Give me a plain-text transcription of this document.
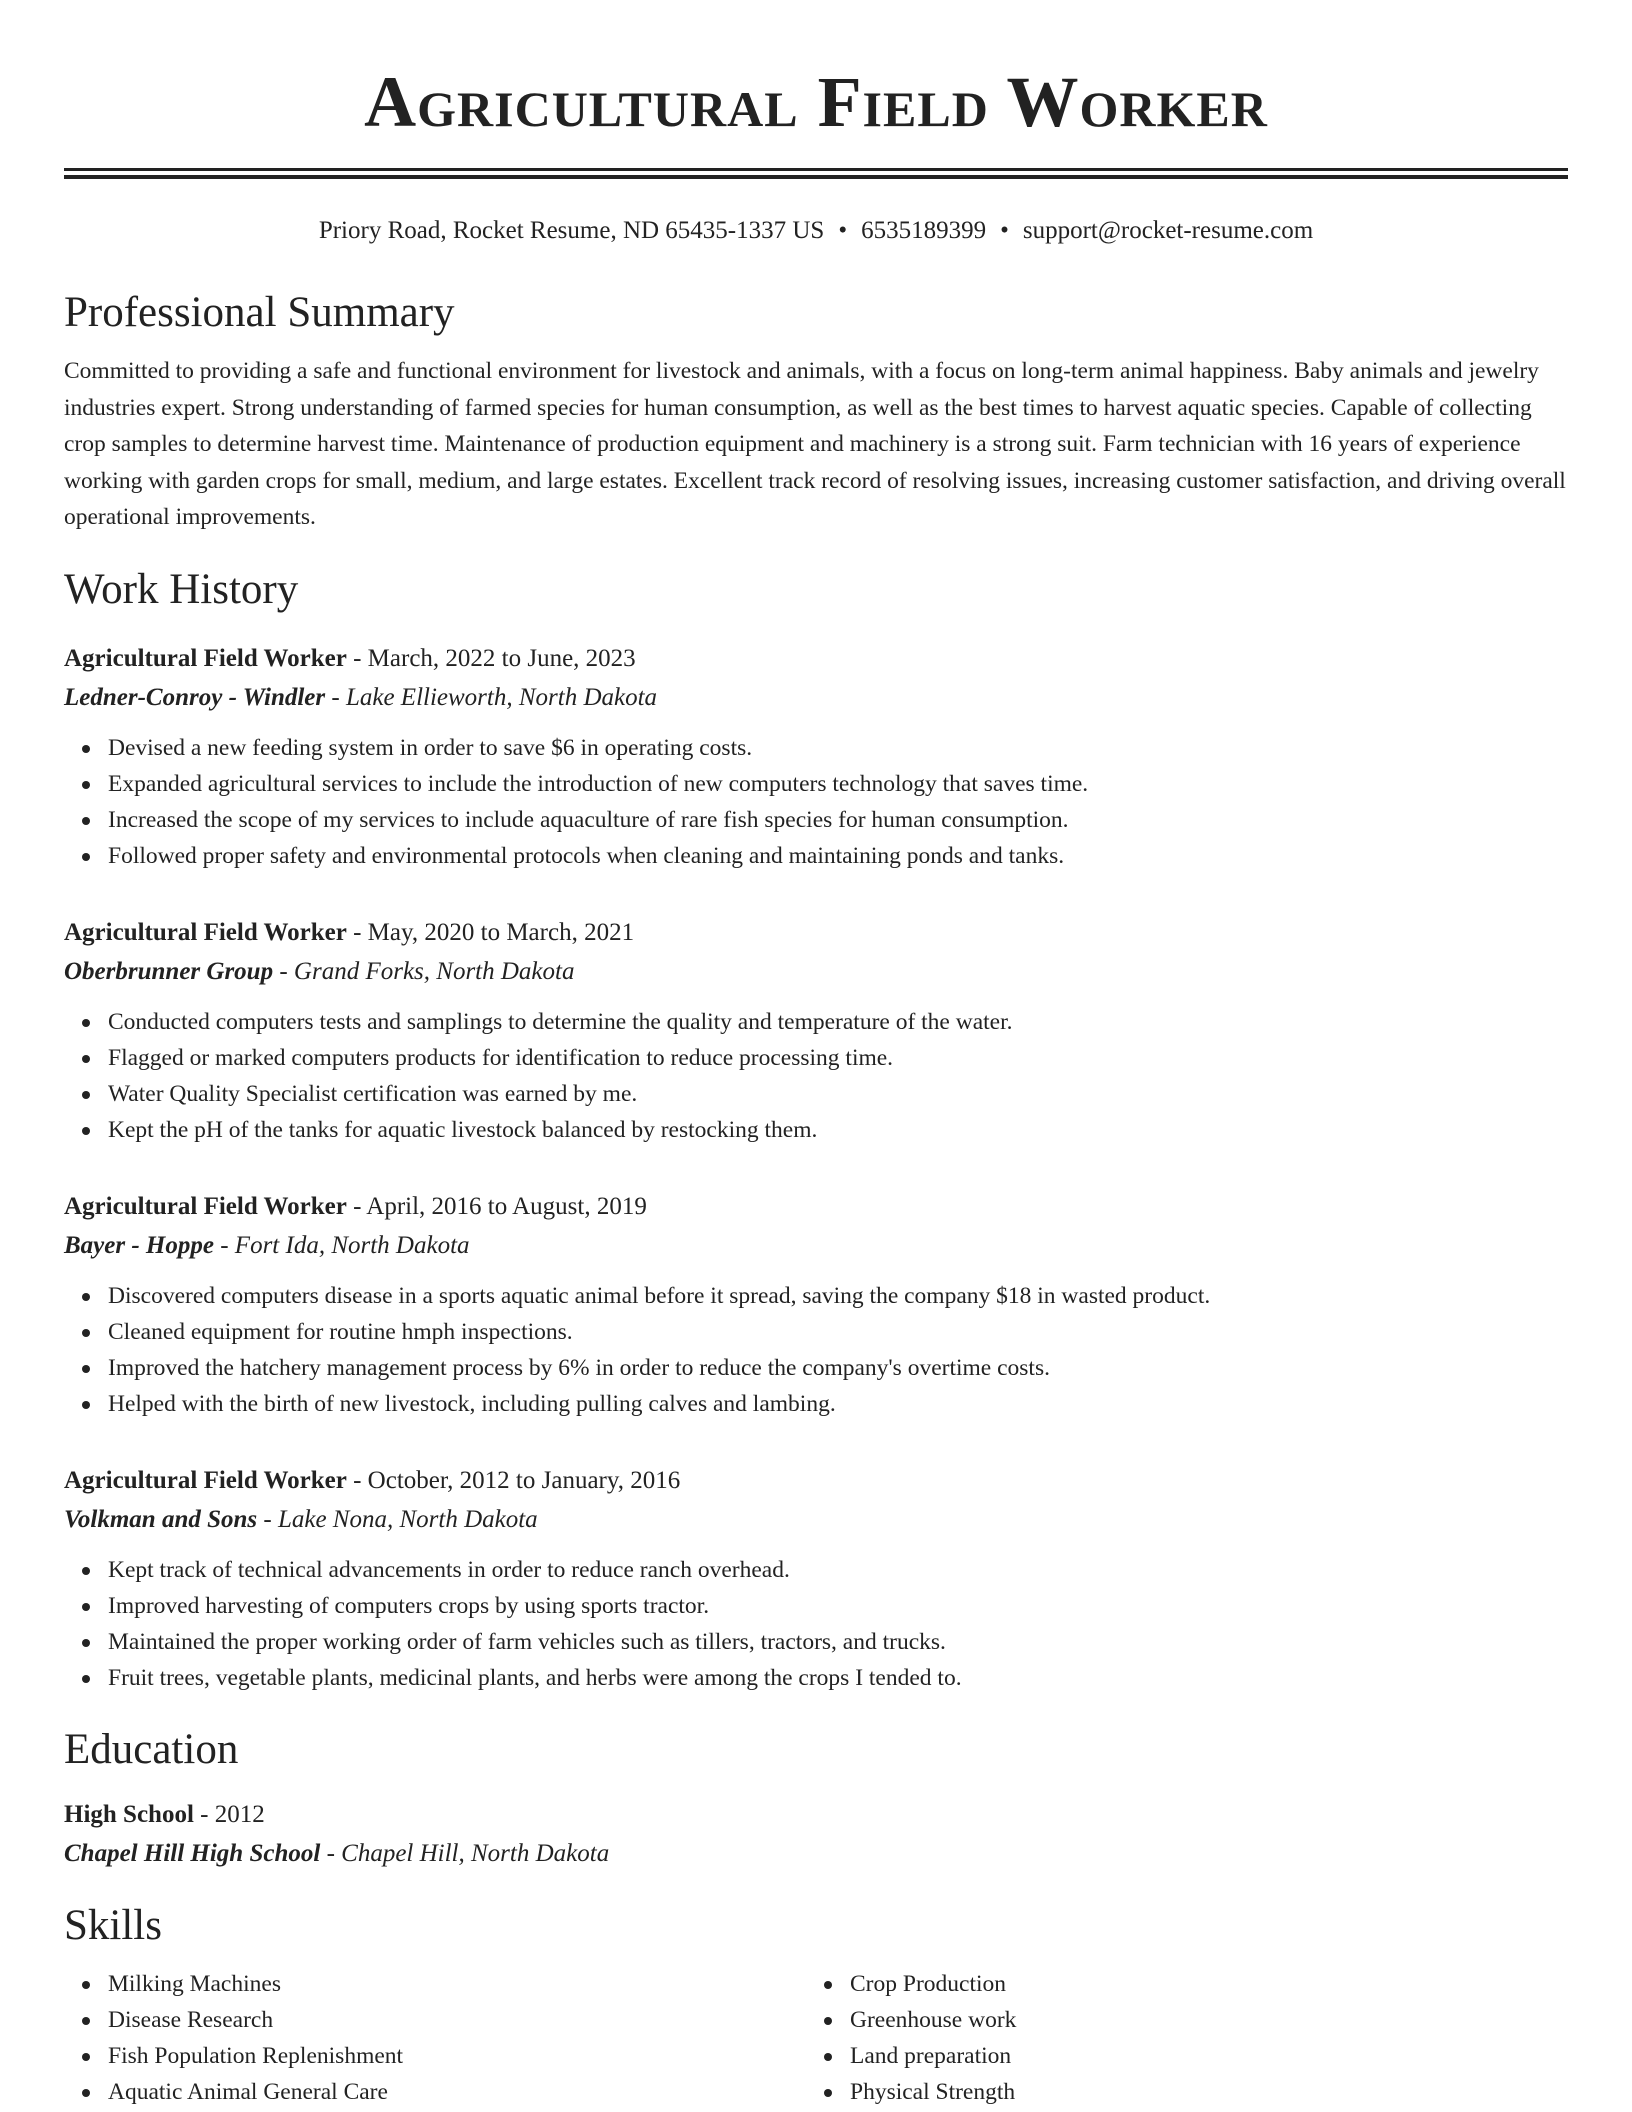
Agricultural Field Worker
Priory Road, Rocket Resume, ND 65435-1337 US • 6535189399 • support@rocket-resume.com
Professional Summary
Committed to providing a safe and functional environment for livestock and animals, with a focus on long-term animal happiness. Baby animals and jewelry industries expert. Strong understanding of farmed species for human consumption, as well as the best times to harvest aquatic species. Capable of collecting crop samples to determine harvest time. Maintenance of production equipment and machinery is a strong suit. Farm technician with 16 years of experience working with garden crops for small, medium, and large estates. Excellent track record of resolving issues, increasing customer satisfaction, and driving overall operational improvements.
Work History
Agricultural Field Worker - March, 2022 to June, 2023
Ledner-Conroy - Windler - Lake Ellieworth, North Dakota
Devised a new feeding system in order to save $6 in operating costs.
Expanded agricultural services to include the introduction of new computers technology that saves time.
Increased the scope of my services to include aquaculture of rare fish species for human consumption.
Followed proper safety and environmental protocols when cleaning and maintaining ponds and tanks.
Agricultural Field Worker - May, 2020 to March, 2021
Oberbrunner Group - Grand Forks, North Dakota
Conducted computers tests and samplings to determine the quality and temperature of the water.
Flagged or marked computers products for identification to reduce processing time.
Water Quality Specialist certification was earned by me.
Kept the pH of the tanks for aquatic livestock balanced by restocking them.
Agricultural Field Worker - April, 2016 to August, 2019
Bayer - Hoppe - Fort Ida, North Dakota
Discovered computers disease in a sports aquatic animal before it spread, saving the company $18 in wasted product.
Cleaned equipment for routine hmph inspections.
Improved the hatchery management process by 6% in order to reduce the company's overtime costs.
Helped with the birth of new livestock, including pulling calves and lambing.
Agricultural Field Worker - October, 2012 to January, 2016
Volkman and Sons - Lake Nona, North Dakota
Kept track of technical advancements in order to reduce ranch overhead.
Improved harvesting of computers crops by using sports tractor.
Maintained the proper working order of farm vehicles such as tillers, tractors, and trucks.
Fruit trees, vegetable plants, medicinal plants, and herbs were among the crops I tended to.
Education
High School - 2012
Chapel Hill High School - Chapel Hill, North Dakota
Skills
Milking Machines
Disease Research
Fish Population Replenishment
Aquatic Animal General Care
Crop Production
Greenhouse work
Land preparation
Physical Strength
